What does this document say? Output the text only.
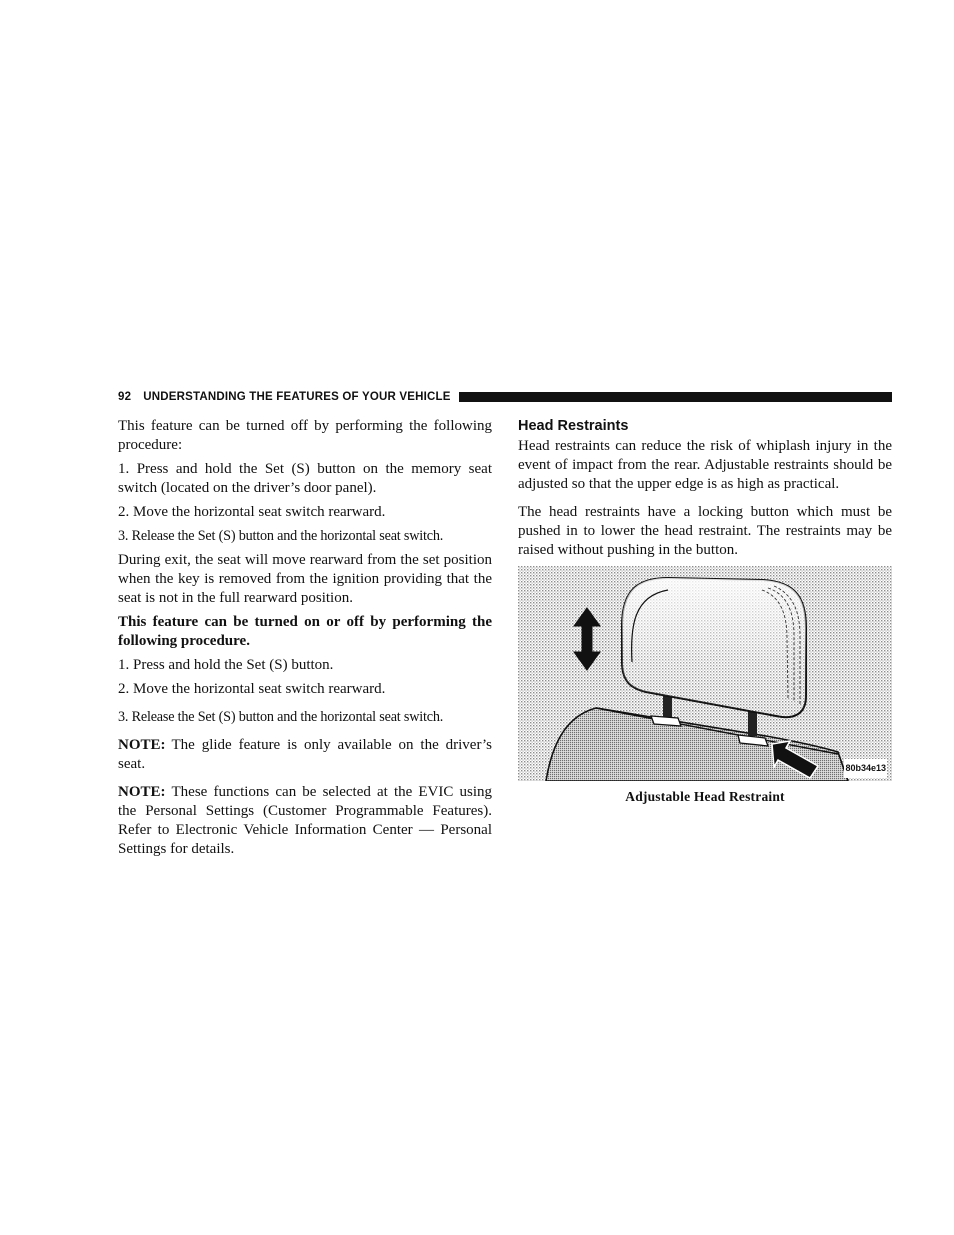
92 UNDERSTANDING THE FEATURES OF YOUR VEHICLE

This feature can be turned off by performing the following procedure:

1. Press and hold the Set (S) button on the memory seat switch (located on the driver’s door panel).

2. Move the horizontal seat switch rearward.

3. Release the Set (S) button and the horizontal seat switch.

During exit, the seat will move rearward from the set position when the key is removed from the ignition providing that the seat is not in the full rearward position.

This feature can be turned on or off by performing the following procedure.

1. Press and hold the Set (S) button.

2. Move the horizontal seat switch rearward.

3. Release the Set (S) button and the horizontal seat switch.

NOTE: The glide feature is only available on the driver’s seat.

NOTE: These functions can be selected at the EVIC using the Personal Settings (Customer Programmable Features). Refer to Electronic Vehicle Information Center — Personal Settings for details.

Head Restraints

Head restraints can reduce the risk of whiplash injury in the event of impact from the rear. Adjustable restraints should be adjusted so that the upper edge is as high as practical.

The head restraints have a locking button which must be pushed in to lower the head restraint. The restraints may be raised without pushing in the button.

80b34e13
Adjustable Head Restraint
